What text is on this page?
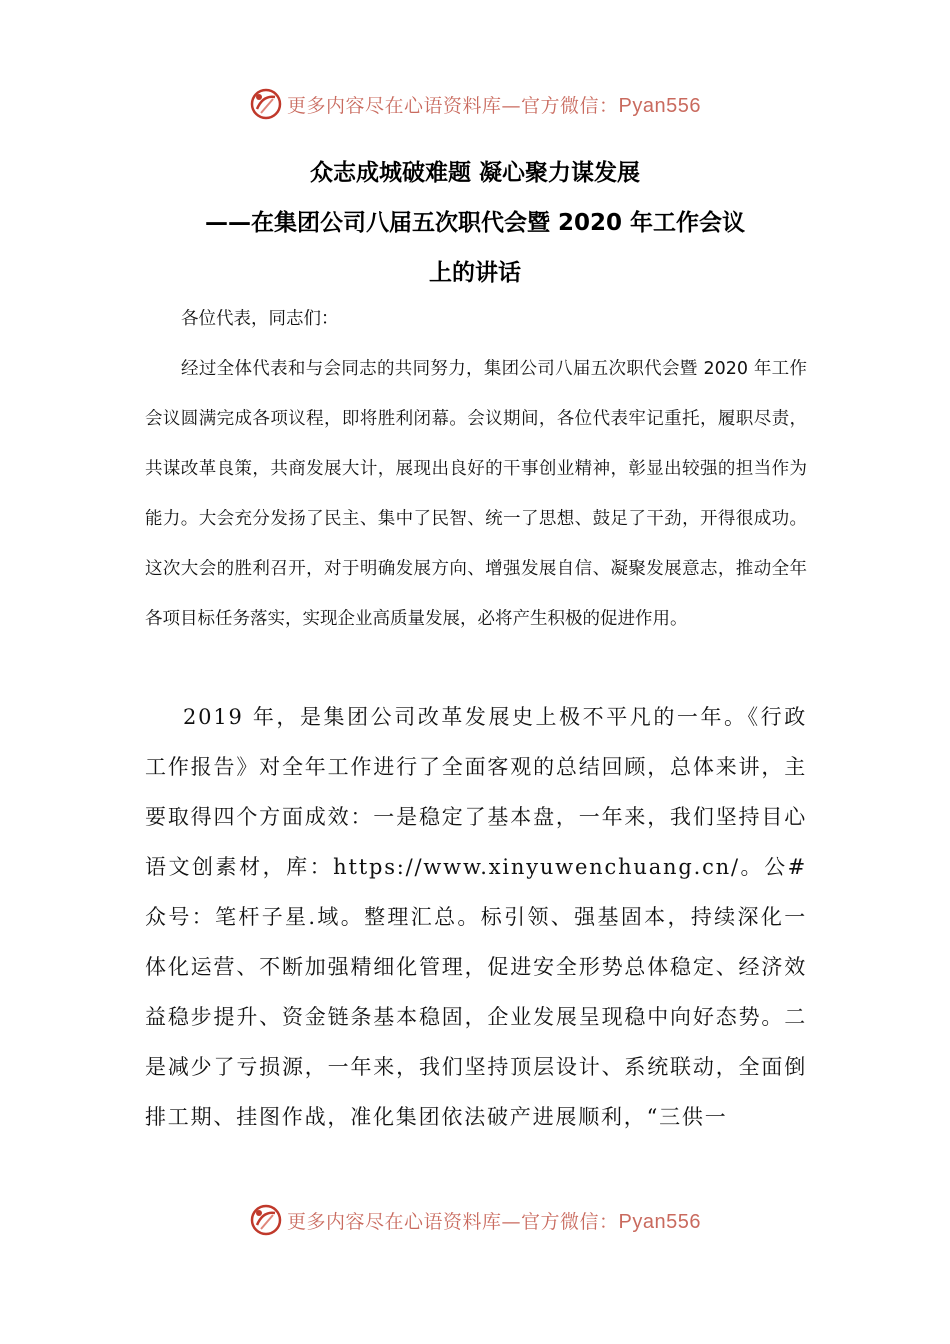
更多内容尽在心语资料库—官方微信：Pyan556
众志成城破难题 凝心聚力谋发展
——在集团公司八届五次职代会暨 2020 年工作会议
上的讲话

各位代表，同志们：

经过全体代表和与会同志的共同努力，集团公司八届五次职代会暨 2020 年工作会议圆满完成各项议程，即将胜利闭幕。会议期间，各位代表牢记重托，履职尽责，共谋改革良策，共商发展大计，展现出良好的干事创业精神，彰显出较强的担当作为能力。大会充分发扬了民主、集中了民智、统一了思想、鼓足了干劲，开得很成功。这次大会的胜利召开，对于明确发展方向、增强发展自信、凝聚发展意志，推动全年各项目标任务落实，实现企业高质量发展，必将产生积极的促进作用。

2019 年，是集团公司改革发展史上极不平凡的一年。《行政工作报告》对全年工作进行了全面客观的总结回顾，总体来讲，主要取得四个方面成效：一是稳定了基本盘，一年来，我们坚持目心语文创素材，库：https://www.xinyuwenchuang.cn/。公#众号：笔杆子星.域。整理汇总。标引领、强基固本，持续深化一体化运营、不断加强精细化管理，促进安全形势总体稳定、经济效益稳步提升、资金链条基本稳固，企业发展呈现稳中向好态势。二是减少了亏损源，一年来，我们坚持顶层设计、系统联动，全面倒排工期、挂图作战，准化集团依法破产进展顺利，“三供一

更多内容尽在心语资料库—官方微信：Pyan556
